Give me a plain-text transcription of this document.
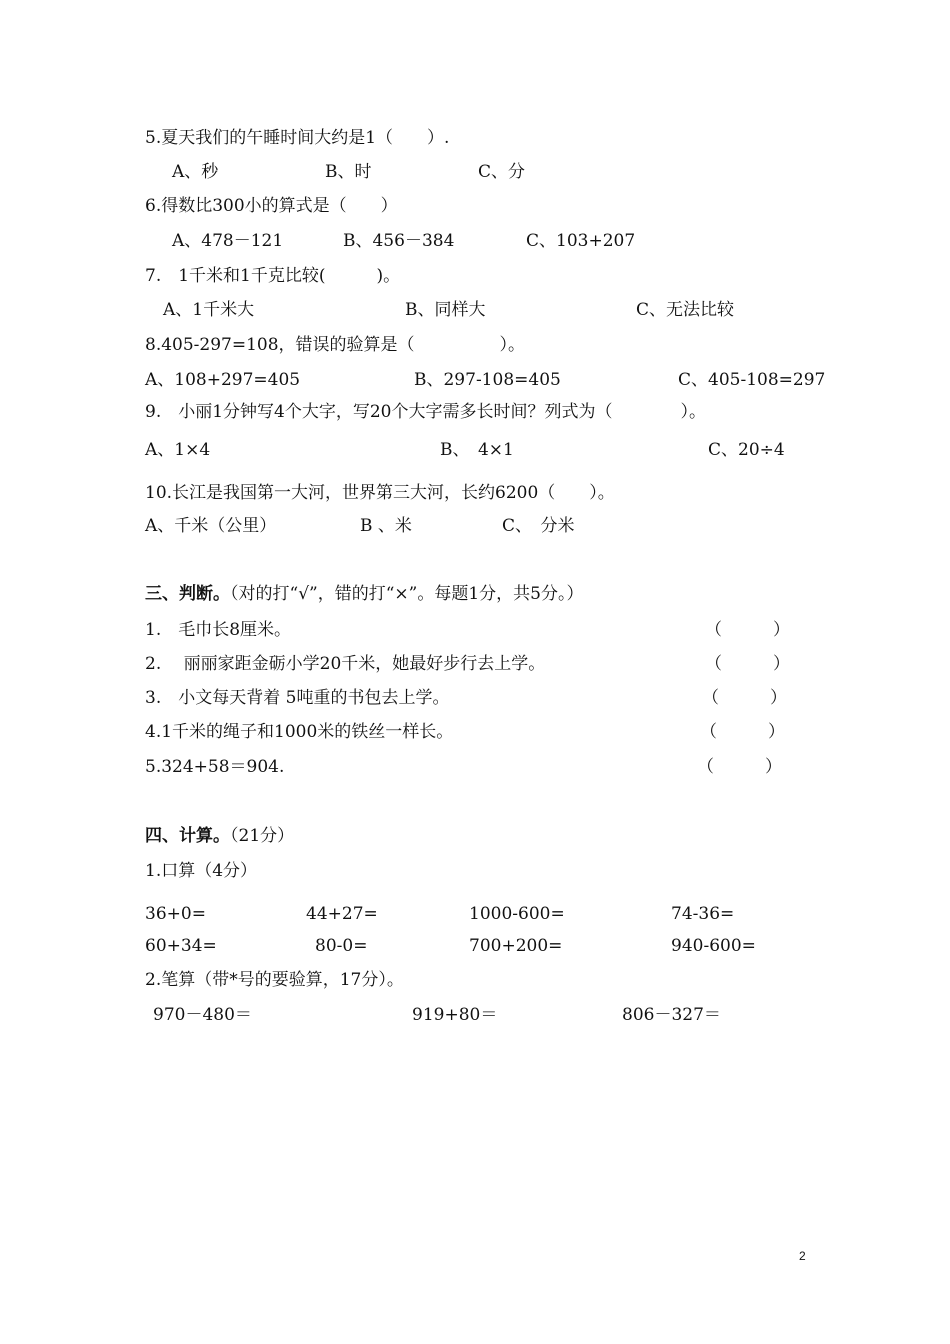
5.夏天我们的午睡时间大约是1（　　）.
A、秒	B、时	C、分
6.得数比300小的算式是（　　）
A、478－121	B、456－384	C、103+207
7.　1千米和1千克比较(　　　)。
A、1千米大	B、同样大	C、无法比较
8.405-297=108，错误的验算是（　　　　　）。
A、108+297=405	B、297-108=405	C、405-108=297
9.　小丽1分钟写4个大字，写20个大字需多长时间？列式为（　　　　）。
A、1×4	B、　4×1	C、20÷4
10.长江是我国第一大河，世界第三大河，长约6200（　　）。
A、千米（公里）	B 、米	C、　分米
三、判断。（对的打“√”，错的打“×”。每题1分，共5分。）
1.　毛巾长8厘米。	（　　　）
2.　 丽丽家距金砺小学20千米，她最好步行去上学。	（　　　）
3.　小文每天背着 5吨重的书包去上学。	（　　　）
4.1千米的绳子和1000米的铁丝一样长。	（　　　）
5.324+58＝904.	（　　　）
四、计算。（21分）
1.口算（4分）
36+0=	44+27=	1000-600=	74-36=
60+34=	80-0=	700+200=	940-600=
2.笔算（带*号的要验算，17分）。
970－480＝	919+80＝	806－327＝
2
